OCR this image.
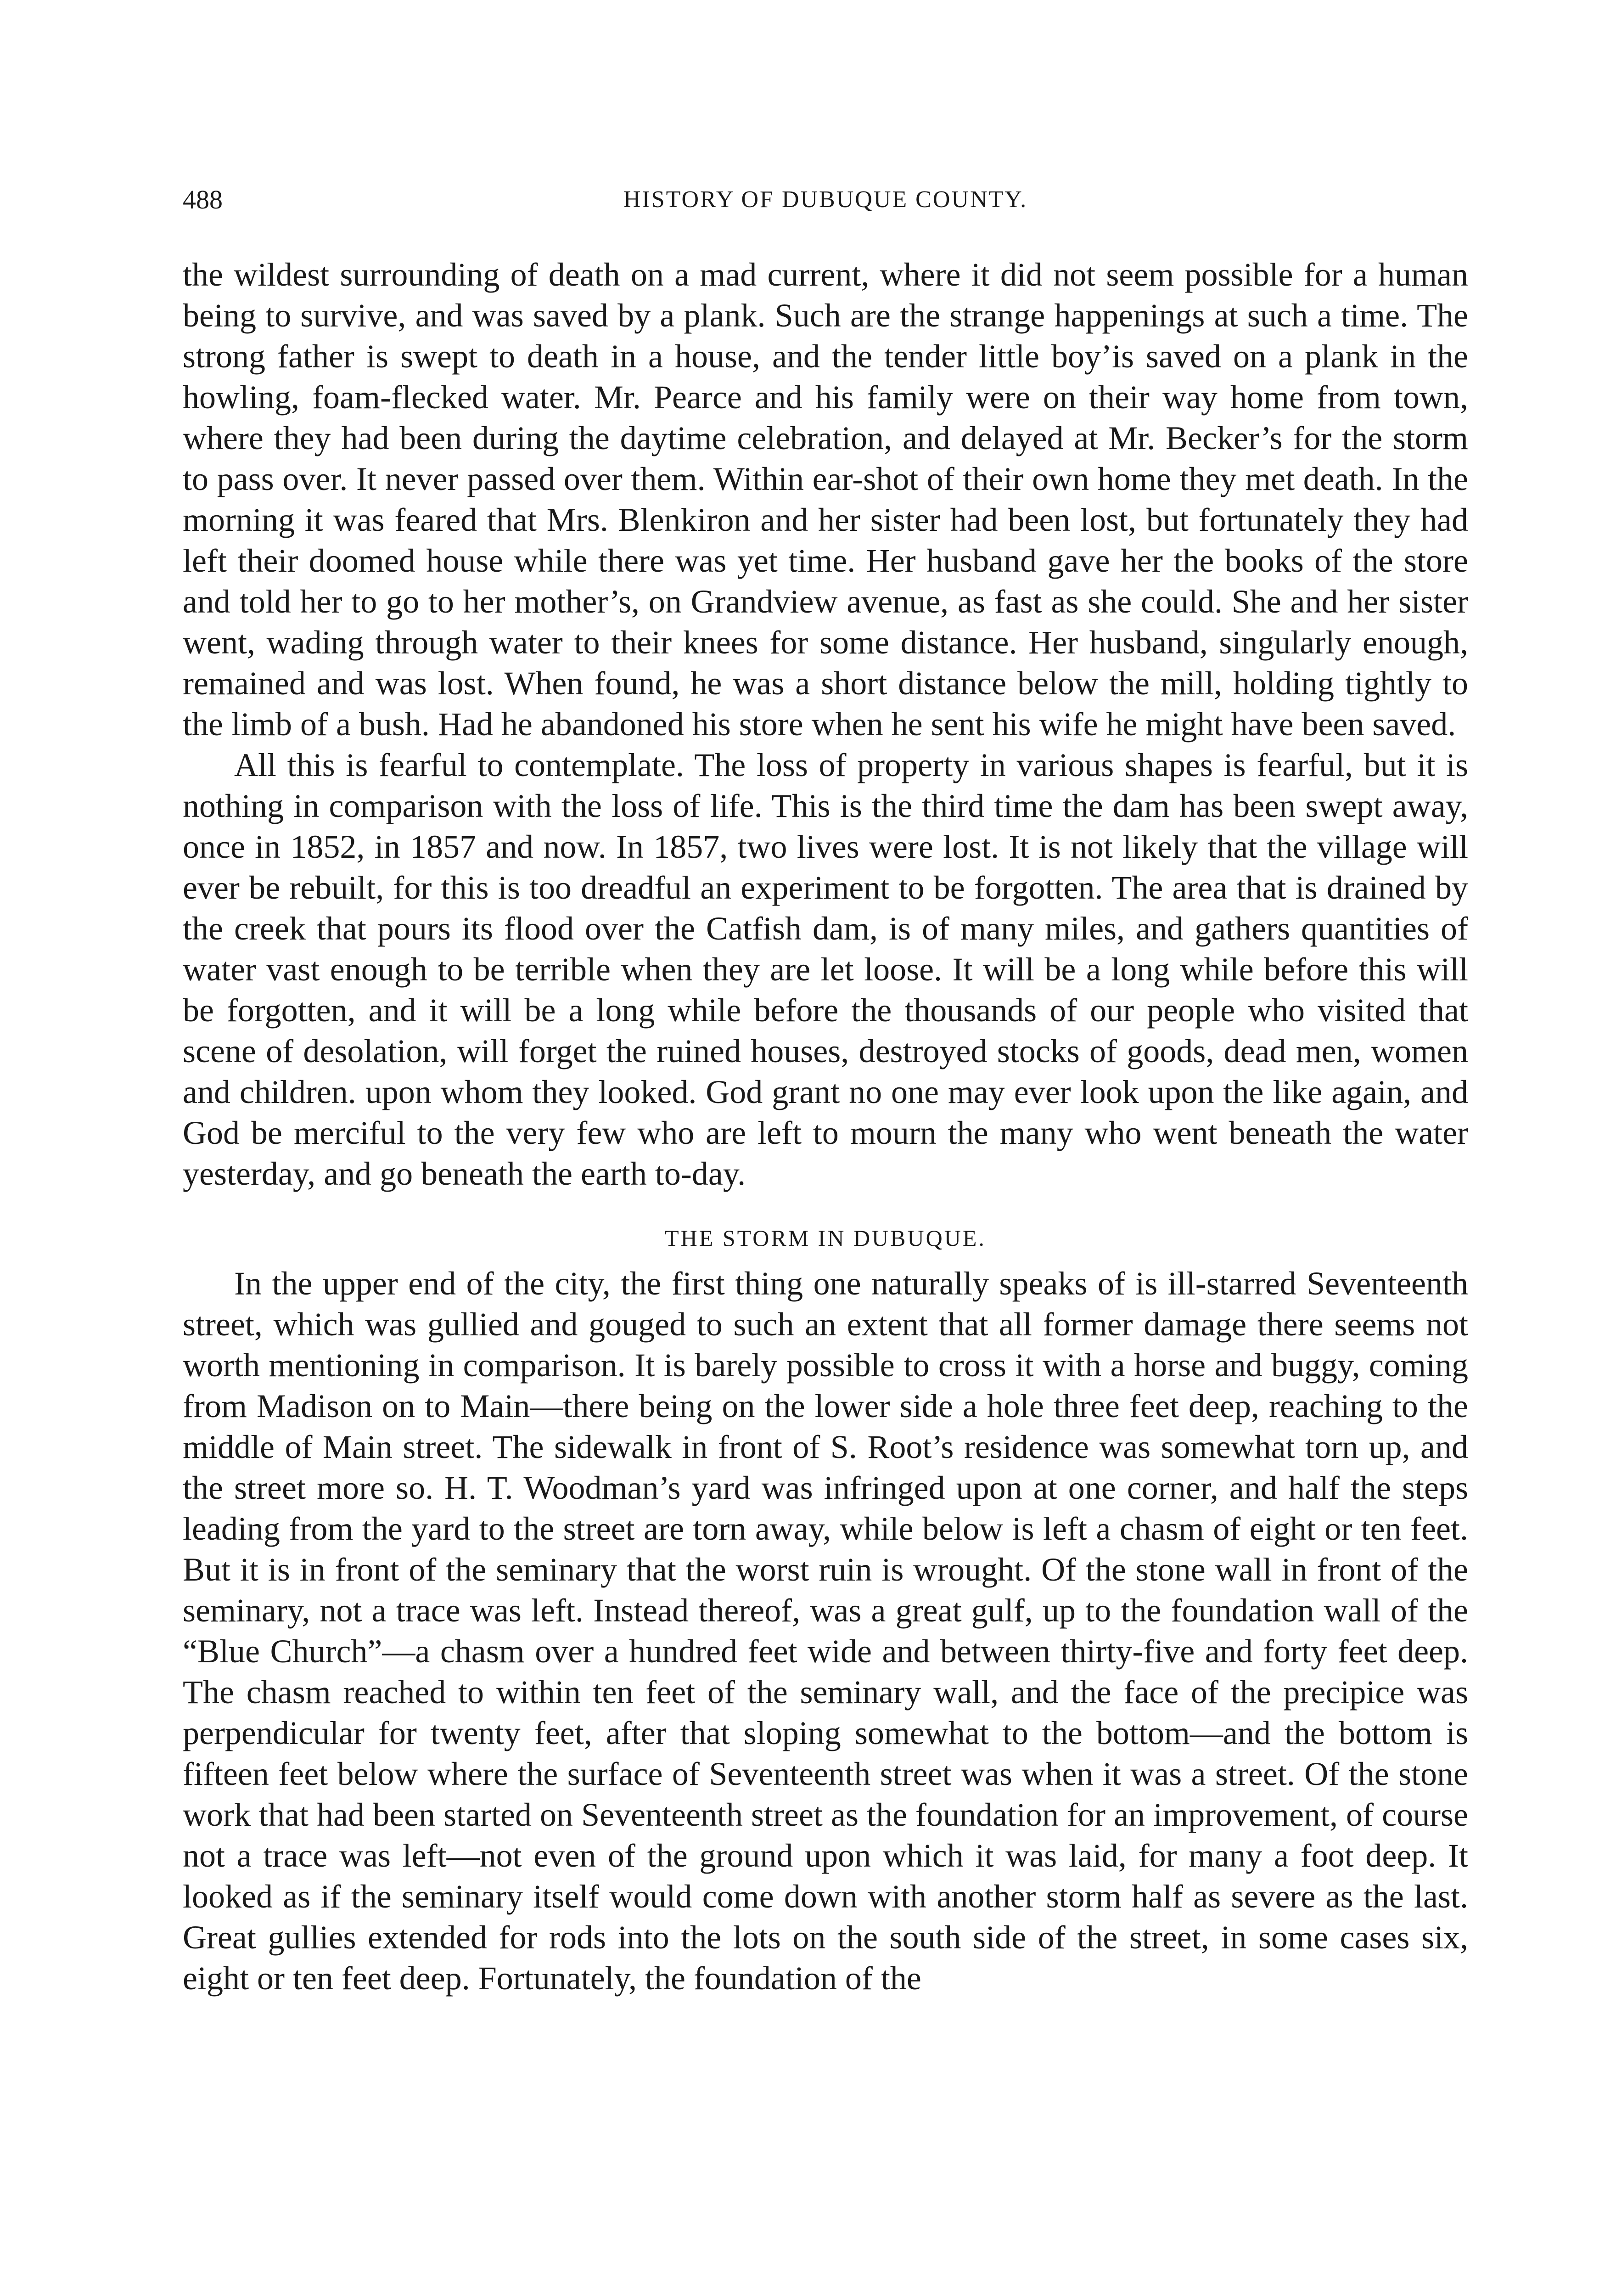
488	HISTORY OF DUBUQUE COUNTY.

the wildest surrounding of death on a mad current, where it did not seem possible for a human being to survive, and was saved by a plank. Such are the strange happenings at such a time. The strong father is swept to death in a house, and the tender little boy’is saved on a plank in the howling, foam-flecked water. Mr. Pearce and his family were on their way home from town, where they had been during the daytime celebration, and delayed at Mr. Becker’s for the storm to pass over. It never passed over them. Within ear-shot of their own home they met death. In the morning it was feared that Mrs. Blenkiron and her sister had been lost, but fortunately they had left their doomed house while there was yet time. Her husband gave her the books of the store and told her to go to her mother’s, on Grandview avenue, as fast as she could. She and her sister went, wading through water to their knees for some distance. Her husband, singularly enough, remained and was lost. When found, he was a short distance below the mill, holding tightly to the limb of a bush. Had he abandoned his store when he sent his wife he might have been saved.

All this is fearful to contemplate. The loss of property in various shapes is fearful, but it is nothing in comparison with the loss of life. This is the third time the dam has been swept away, once in 1852, in 1857 and now. In 1857, two lives were lost. It is not likely that the village will ever be rebuilt, for this is too dreadful an experiment to be forgotten. The area that is drained by the creek that pours its flood over the Catfish dam, is of many miles, and gathers quantities of water vast enough to be terrible when they are let loose. It will be a long while before this will be forgotten, and it will be a long while before the thousands of our people who visited that scene of desolation, will forget the ruined houses, destroyed stocks of goods, dead men, women and children. upon whom they looked. God grant no one may ever look upon the like again, and God be merciful to the very few who are left to mourn the many who went beneath the water yesterday, and go beneath the earth to-day.

THE STORM IN DUBUQUE.

In the upper end of the city, the first thing one naturally speaks of is ill-starred Seventeenth street, which was gullied and gouged to such an extent that all former damage there seems not worth mentioning in comparison. It is barely possible to cross it with a horse and buggy, coming from Madison on to Main—there being on the lower side a hole three feet deep, reaching to the middle of Main street. The sidewalk in front of S. Root’s residence was somewhat torn up, and the street more so. H. T. Woodman’s yard was infringed upon at one corner, and half the steps leading from the yard to the street are torn away, while below is left a chasm of eight or ten feet. But it is in front of the seminary that the worst ruin is wrought. Of the stone wall in front of the seminary, not a trace was left. Instead thereof, was a great gulf, up to the foundation wall of the “Blue Church”—a chasm over a hundred feet wide and between thirty-five and forty feet deep. The chasm reached to within ten feet of the seminary wall, and the face of the precipice was perpendicular for twenty feet, after that sloping somewhat to the bottom—and the bottom is fifteen feet below where the surface of Seventeenth street was when it was a street. Of the stone work that had been started on Seventeenth street as the foundation for an improvement, of course not a trace was left—not even of the ground upon which it was laid, for many a foot deep. It looked as if the seminary itself would come down with another storm half as severe as the last. Great gullies extended for rods into the lots on the south side of the street, in some cases six, eight or ten feet deep. Fortunately, the foundation of the
